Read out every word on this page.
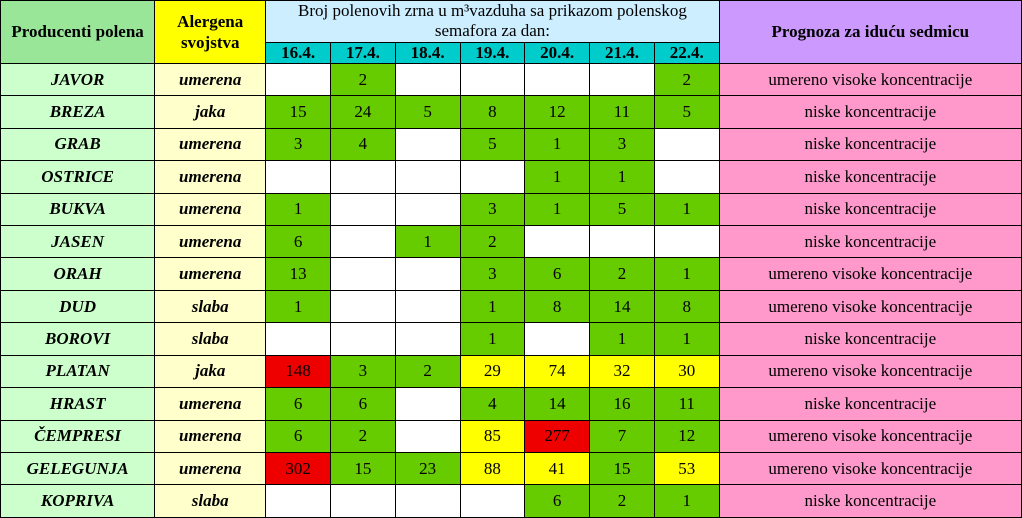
Producenti polena	Alergena svojstva	Broj polenovih zrna u m³vazduha sa prikazom polenskog semafora za dan:							Prognoza za iduću sedmicu
		16.4.	17.4.	18.4.	19.4.	20.4.	21.4.	22.4.	
JAVOR	umerena		2					2	umereno visoke koncentracije
BREZA	jaka	15	24	5	8	12	11	5	niske koncentracije
GRAB	umerena	3	4		5	1	3		niske koncentracije
OSTRICE	umerena					1	1		niske koncentracije
BUKVA	umerena	1			3	1	5	1	niske koncentracije
JASEN	umerena	6		1	2				niske koncentracije
ORAH	umerena	13			3	6	2	1	umereno visoke koncentracije
DUD	slaba	1			1	8	14	8	umereno visoke koncentracije
BOROVI	slaba				1		1	1	niske koncentracije
PLATAN	jaka	148	3	2	29	74	32	30	umereno visoke koncentracije
HRAST	umerena	6	6		4	14	16	11	niske koncentracije
ČEMPRESI	umerena	6	2		85	277	7	12	umereno visoke koncentracije
GELEGUNJA	umerena	302	15	23	88	41	15	53	umereno visoke koncentracije
KOPRIVA	slaba					6	2	1	niske koncentracije
